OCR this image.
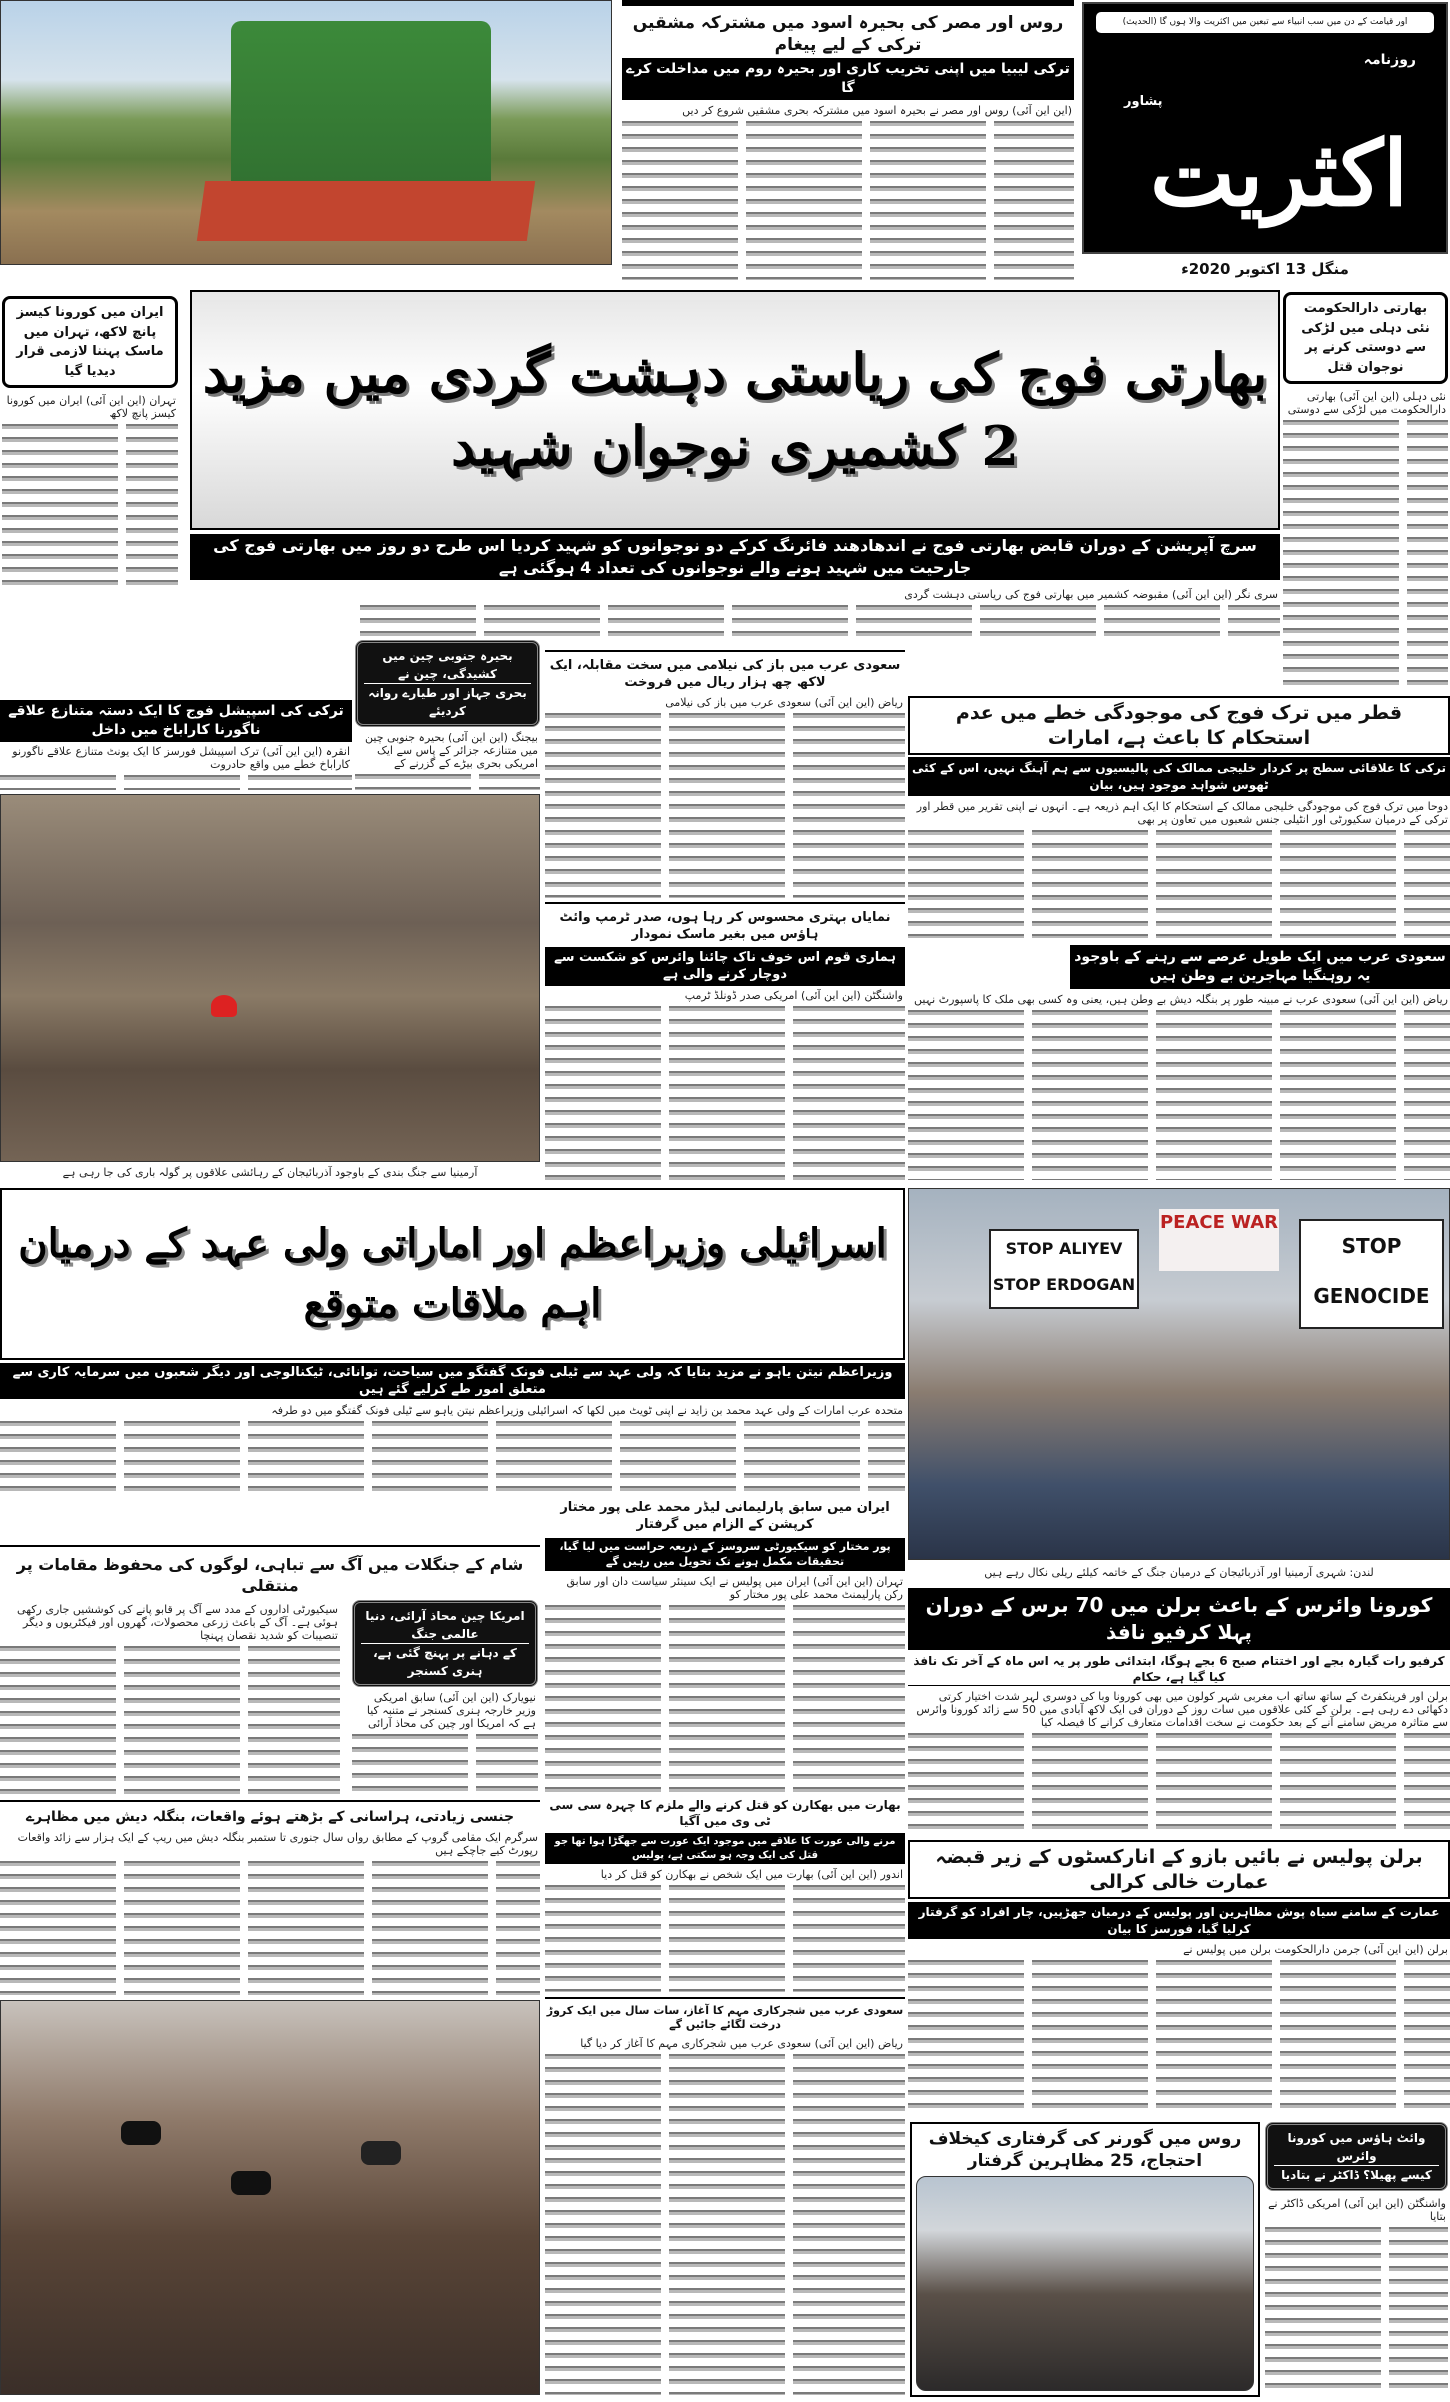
اور قیامت کے دن میں سب انبیاء سے تبعین میں اکثریت والا ہوں گا (الحدیث)
روزنامہ
پشاور
اکثریت
منگل 13 اکتوبر 2020ء
روس اور مصر کی بحیرہ اسود میں مشترکہ مشقیں ترکی کے لیے پیغام
ترکی لیبیا میں اپنی تخریب کاری اور بحیرہ روم میں مداخلت کرے گا
(این این آئی) روس اور مصر نے بحیرہ اسود میں مشترکہ بحری مشقیں شروع کر دیں
بھارتی فوج کی ریاستی دہشت گردی میں مزید 2 کشمیری نوجوان شہید
سرچ آپریشن کے دوران قابض بھارتی فوج نے اندھادھند فائرنگ کرکے دو نوجوانوں کو شہید کردیا اس طرح دو روز میں بھارتی فوج کی جارحیت میں شہید ہونے والے نوجوانوں کی تعداد 4 ہوگئی ہے
سری نگر (این این آئی) مقبوضہ کشمیر میں بھارتی فوج کی ریاستی دہشت گردی
بھارتی دارالحکومت نئی دہلی میں لڑکی سے دوستی کرنے پر نوجوان قتل
نئی دہلی (این این آئی) بھارتی دارالحکومت میں لڑکی سے دوستی
ایران میں کورونا کیسز پانچ لاکھ، تہران میں ماسک پہننا لازمی قرار دیدیا گیا
تہران (این این آئی) ایران میں کورونا کیسز پانچ لاکھ
بحیرہ جنوبی چین میں کشیدگی، چین نے
بحری جہاز اور طیارے روانہ کردیئے
بیجنگ (این این آئی) بحیرہ جنوبی چین میں متنازعہ جزائر کے پاس سے ایک امریکی بحری بیڑے کے گزرنے کے
ترکی کی اسپیشل فوج کا ایک دستہ متنازع علاقے ناگورنا کاراباخ میں داخل
انقرہ (این این آئی) ترک اسپیشل فورسز کا ایک یونٹ متنازع علاقے ناگورنو کاراباخ خطے میں واقع حادروت
آرمینیا سے جنگ بندی کے باوجود آذربائیجان کے رہائشی علاقوں پر گولہ باری کی جا رہی ہے
سعودی عرب میں باز کی نیلامی میں سخت مقابلہ، ایک لاکھ چھ ہزار ریال میں فروخت
ریاض (این این آئی) سعودی عرب میں باز کی نیلامی
نمایاں بہتری محسوس کر رہا ہوں، صدر ٹرمپ وائٹ ہاؤس میں بغیر ماسک نمودار
ہماری قوم اس خوف ناک چائنا وائرس کو شکست سے دوچار کرنے والی ہے
واشنگٹن (این این آئی) امریکی صدر ڈونلڈ ٹرمپ
قطر میں ترک فوج کی موجودگی خطے میں عدم استحکام کا باعث ہے، امارات
ترکی کا علاقائی سطح پر کردار خلیجی ممالک کی پالیسیوں سے ہم آہنگ نہیں، اس کے کئی ٹھوس شواہد موجود ہیں، بیان
دوحا میں ترک فوج کی موجودگی خلیجی ممالک کے استحکام کا ایک اہم ذریعہ ہے۔ انہوں نے اپنی تقریر میں قطر اور ترکی کے درمیان سکیورٹی اور انٹیلی جنس شعبوں میں تعاون پر بھی
سعودی عرب میں ایک طویل عرصے سے رہنے کے باوجود یہ روہنگیا مہاجرین بے وطن ہیں
ریاض (این این آئی) سعودی عرب نے مبینہ طور پر بنگلہ دیش بے وطن ہیں، یعنی وہ کسی بھی ملک کا پاسپورٹ نہیں
اسرائیلی وزیراعظم اور اماراتی ولی عہد کے درمیان اہم ملاقات متوقع
وزیراعظم نیتن یاہو نے مزید بتایا کہ ولی عہد سے ٹیلی فونک گفتگو میں سیاحت، توانائی، ٹیکنالوجی اور دیگر شعبوں میں سرمایہ کاری سے متعلق امور طے کرلیے گئے ہیں
متحدہ عرب امارات کے ولی عہد محمد بن زاید نے اپنی ٹویٹ میں لکھا کہ اسرائیلی وزیراعظم نیتن یاہو سے ٹیلی فونک گفتگو میں دو طرفہ
STOP ALIYEV STOP ERDOGAN
PEACE WAR
STOP GENOCIDE
لندن: شہری آرمینیا اور آذربائیجان کے درمیان جنگ کے خاتمہ کیلئے ریلی نکال رہے ہیں
کورونا وائرس کے باعث برلن میں 70 برس کے دوران پہلا کرفیو نافذ
کرفیو رات گیارہ بجے اور اختتام صبح 6 بجے ہوگا، ابتدائی طور پر یہ اس ماہ کے آخر تک نافذ کیا گیا ہے، حکام
برلن اور فرینکفرٹ کے ساتھ ساتھ اب مغربی شہر کولون میں بھی کورونا وبا کی دوسری لہر شدت اختیار کرتی دکھائی دے رہی ہے۔ برلن کے کئی علاقوں میں سات روز کے دوران فی ایک لاکھ آبادی میں 50 سے زائد کورونا وائرس سے متاثرہ مریض سامنے آنے کے بعد حکومت نے سخت اقدامات متعارف کرانے کا فیصلہ کیا
ایران میں سابق پارلیمانی لیڈر محمد علی پور مختار کرپشن کے الزام میں گرفتار
پور مختار کو سیکیورٹی سروسز کے ذریعہ حراست میں لیا گیا، تحقیقات مکمل ہونے تک تحویل میں رہیں گے
تہران (این این آئی) ایران میں پولیس نے ایک سینئر سیاست دان اور سابق رکن پارلیمنٹ محمد علی پور مختار کو
شام کے جنگلات میں آگ سے تباہی، لوگوں کی محفوظ مقامات پر منتقلی
سیکیورٹی اداروں کے مدد سے آگ پر قابو پانے کی کوششیں جاری رکھی ہوئی ہے۔ آگ کے باعث زرعی محصولات، گھروں اور فیکٹریوں و دیگر تنصیبات کو شدید نقصان پہنچا
امریکا چین محاذ آرائی، دنیا عالمی جنگ
کے دہانے پر پہنچ گئی ہے، ہنری کسنجر
نیویارک (این این آئی) سابق امریکی وزیر خارجہ ہنری کسنجر نے متنبہ کیا ہے کہ امریکا اور چین کی محاذ آرائی
بھارت میں بھکارن کو قتل کرنے والے ملزم کا چہرہ سی سی ٹی وی میں آگیا
مرنے والی عورت کا علاقے میں موجود ایک عورت سے جھگڑا ہوا تھا جو قتل کی ایک وجہ ہو سکتی ہے، پولیس
اندور (این این آئی) بھارت میں ایک شخص نے بھکارن کو قتل کر دیا
برلن پولیس نے بائیں بازو کے انارکسٹوں کے زیر قبضہ عمارت خالی کرالی
عمارت کے سامنے سیاہ پوش مظاہرین اور پولیس کے درمیان جھڑپیں، چار افراد کو گرفتار کرلیا گیا، فورسز کا بیان
برلن (این این آئی) جرمن دارالحکومت برلن میں پولیس نے
جنسی زیادتی، ہراسانی کے بڑھتے ہوئے واقعات، بنگلہ دیش میں مظاہرے
سرگرم ایک مقامی گروپ کے مطابق رواں سال جنوری تا ستمبر بنگلہ دیش میں ریپ کے ایک ہزار سے زائد واقعات رپورٹ کیے جاچکے ہیں
سعودی عرب میں شجرکاری مہم کا آغاز، سات سال میں ایک کروڑ درخت لگائے جائیں گے
ریاض (این این آئی) سعودی عرب میں شجرکاری مہم کا آغاز کر دیا گیا
روس میں گورنر کی گرفتاری کیخلاف احتجاج، 25 مظاہرین گرفتار
وائٹ ہاؤس میں کورونا وائرس
کیسے پھیلا؟ ڈاکٹر نے بتادیا
واشنگٹن (این این آئی) امریکی ڈاکٹر نے بتایا
